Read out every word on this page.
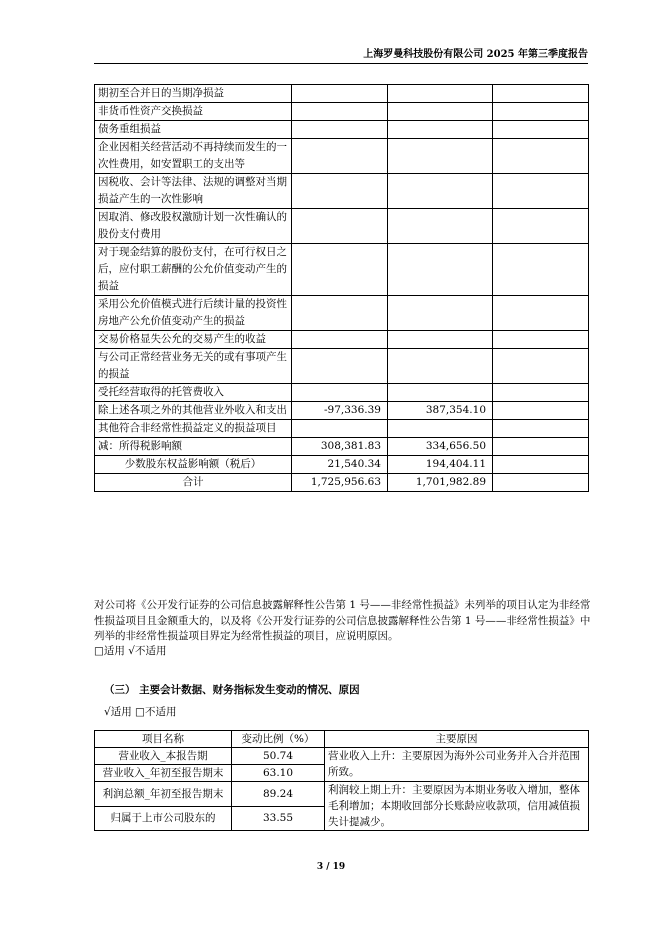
上海罗曼科技股份有限公司 2025 年第三季度报告
期初至合并日的当期净损益			
非货币性资产交换损益			
债务重组损益			
企业因相关经营活动不再持续而发生的一次性费用，如安置职工的支出等			
因税收、会计等法律、法规的调整对当期损益产生的一次性影响			
因取消、修改股权激励计划一次性确认的股份支付费用			
对于现金结算的股份支付，在可行权日之后，应付职工薪酬的公允价值变动产生的损益			
采用公允价值模式进行后续计量的投资性房地产公允价值变动产生的损益			
交易价格显失公允的交易产生的收益			
与公司正常经营业务无关的或有事项产生的损益			
受托经营取得的托管费收入			
除上述各项之外的其他营业外收入和支出	-97,336.39	387,354.10	
其他符合非经常性损益定义的损益项目			
减：所得税影响额	308,381.83	334,656.50	
少数股东权益影响额（税后）	21,540.34	194,404.11	
合计	1,725,956.63	1,701,982.89	
对公司将《公开发行证券的公司信息披露解释性公告第 1 号——非经常性损益》未列举的项目认定为非经常性损益项目且金额重大的，以及将《公开发行证券的公司信息披露解释性公告第 1 号——非经常性损益》中列举的非经常性损益项目界定为经常性损益的项目，应说明原因。
□适用 √不适用
（三） 主要会计数据、财务指标发生变动的情况、原因
√适用 □不适用
项目名称	变动比例（%）	主要原因
营业收入_本报告期	50.74	营业收入上升：主要原因为海外公司业务并入合并范围所致。
营业收入_年初至报告期末	63.10	
利润总额_年初至报告期末	89.24	利润较上期上升：主要原因为本期业务收入增加，整体毛利增加；本期收回部分长账龄应收款项，信用减值损失计提减少。
归属于上市公司股东的	33.55	
3 / 19
